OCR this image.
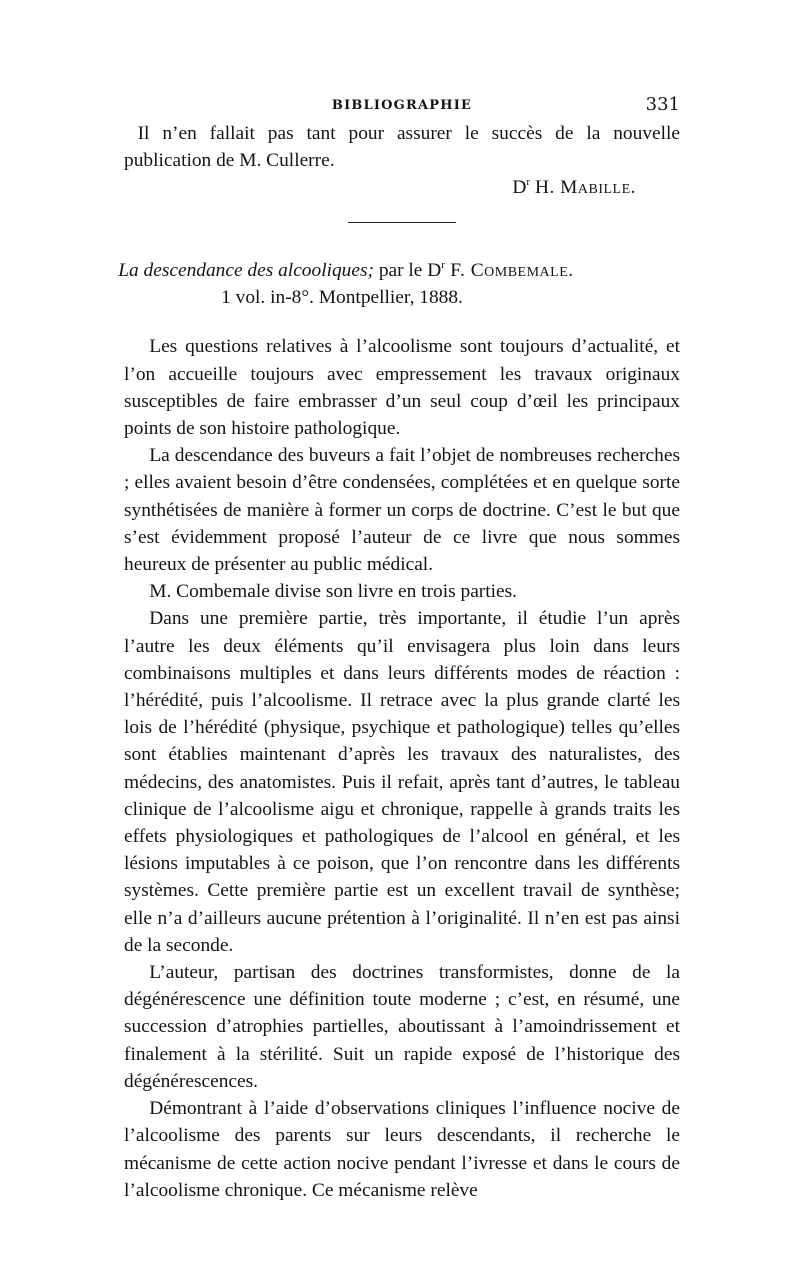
BIBLIOGRAPHIE	331

Il n’en fallait pas tant pour assurer le succès de la nouvelle publication de M. Cullerre.

$D^r$ H. Mabille.

La descendance des alcooliques; par le $D^r$ F. Combemale.
1 vol. in-8°. Montpellier, 1888.

Les questions relatives à l’alcoolisme sont toujours d’actualité, et l’on accueille toujours avec empressement les travaux originaux susceptibles de faire embrasser d’un seul coup d’œil les principaux points de son histoire pathologique.

La descendance des buveurs a fait l’objet de nombreuses recherches ; elles avaient besoin d’être condensées, complétées et en quelque sorte synthétisées de manière à former un corps de doctrine. C’est le but que s’est évidemment proposé l’auteur de ce livre que nous sommes heureux de présenter au public médical.

M. Combemale divise son livre en trois parties.

Dans une première partie, très importante, il étudie l’un après l’autre les deux éléments qu’il envisagera plus loin dans leurs combinaisons multiples et dans leurs différents modes de réaction : l’hérédité, puis l’alcoolisme. Il retrace avec la plus grande clarté les lois de l’hérédité (physique, psychique et pathologique) telles qu’elles sont établies maintenant d’après les travaux des naturalistes, des médecins, des anatomistes. Puis il refait, après tant d’autres, le tableau clinique de l’alcoolisme aigu et chronique, rappelle à grands traits les effets physiologiques et pathologiques de l’alcool en général, et les lésions imputables à ce poison, que l’on rencontre dans les différents systèmes. Cette première partie est un excellent travail de synthèse; elle n’a d’ailleurs aucune prétention à l’originalité. Il n’en est pas ainsi de la seconde.

L’auteur, partisan des doctrines transformistes, donne de la dégénérescence une définition toute moderne ; c’est, en résumé, une succession d’atrophies partielles, aboutissant à l’amoindrissement et finalement à la stérilité. Suit un rapide exposé de l’historique des dégénérescences.

Démontrant à l’aide d’observations cliniques l’influence nocive de l’alcoolisme des parents sur leurs descendants, il recherche le mécanisme de cette action nocive pendant l’ivresse et dans le cours de l’alcoolisme chronique. Ce mécanisme relève
